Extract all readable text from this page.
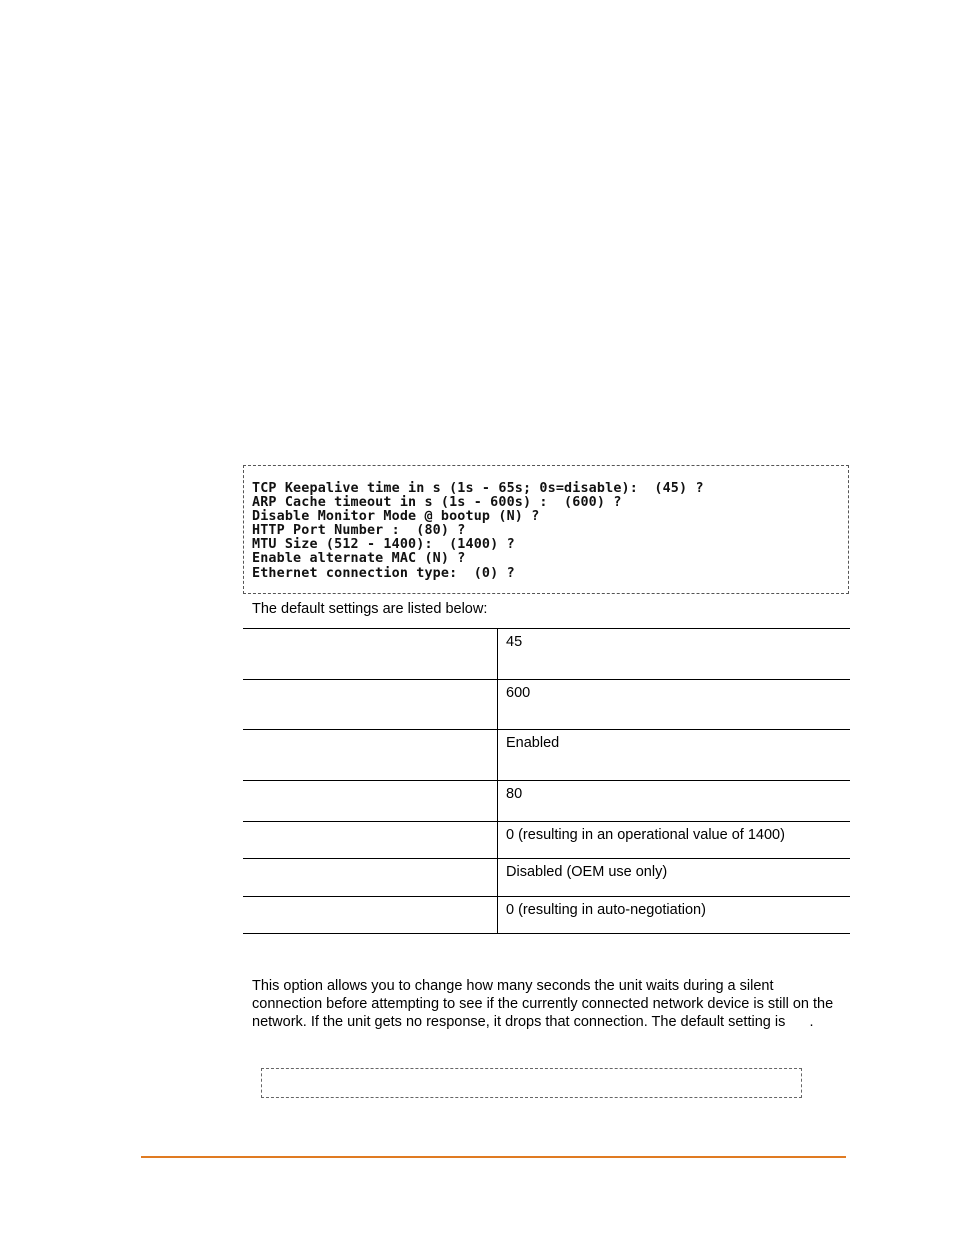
TCP Keepalive time in s (1s - 65s; 0s=disable):  (45) ?
ARP Cache timeout in s (1s - 600s) :  (600) ?
Disable Monitor Mode @ bootup (N) ?
HTTP Port Number :  (80) ?
MTU Size (512 - 1400):  (1400) ?
Enable alternate MAC (N) ?
Ethernet connection type:  (0) ?
The default settings are listed below:
	45
	600
	Enabled
	80
	0 (resulting in an operational value of 1400)
	Disabled (OEM use only)
	0 (resulting in auto-negotiation)
This option allows you to change how many seconds the unit waits during a silent connection before attempting to see if the currently connected network device is still on the network. If the unit gets no response, it drops that connection. The default setting is      .
